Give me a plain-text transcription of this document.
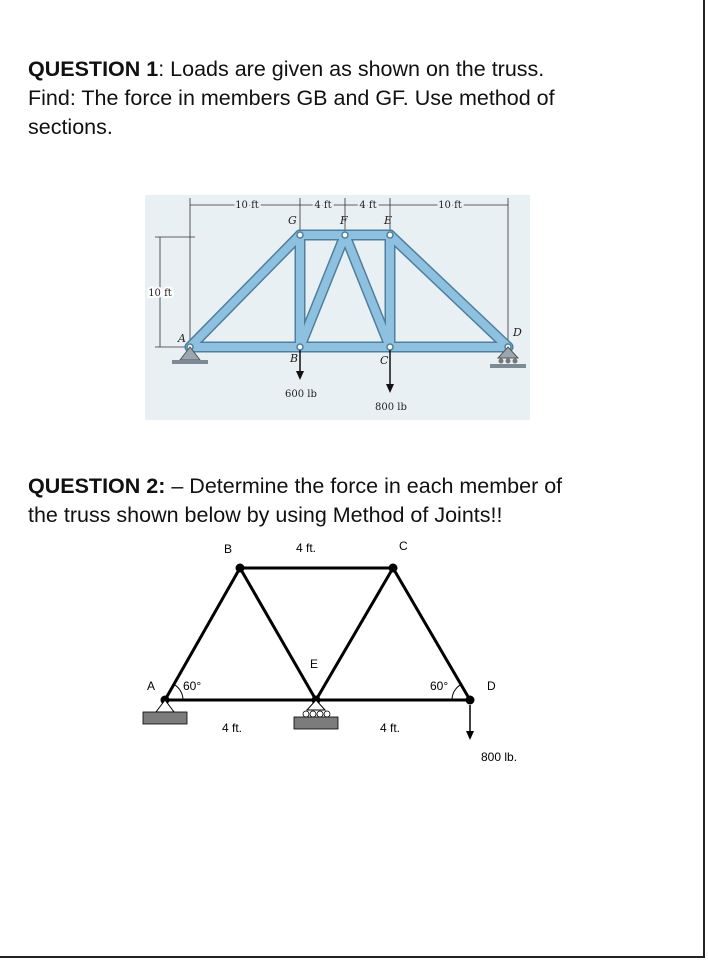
QUESTION 1: Loads are given as shown on the truss.
Find: The force in members GB and GF. Use method of
sections.
10 ft	4 ft	4 ft	10 ft
10 ft
A
B	C
D
E
F
G
600 lb
800 lb
QUESTION 2: – Determine the force in each member of
the truss shown below by using Method of Joints!!
A
B	C
D
E
4 ft.
4 ft.	4 ft.
60°	60°
800 lb.
